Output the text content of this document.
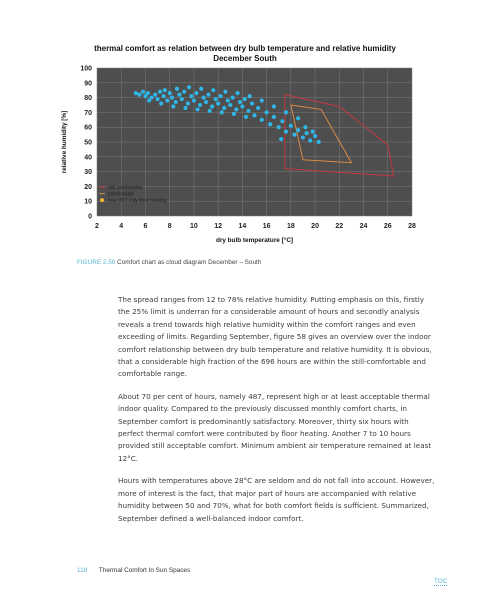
thermal comfort as relation between dry bulb temperature and relative humidity
December South
0
10
20
30
40
50
60
70
80
90
100
2	4	6	8	10 12 14 16 18 20 22 24 26 28
dry bulb temperature [°C]
relative humidity [%]
still comfortable
comfortable
Iras r307 City floor heating
FIGURE 2.50 Comfort chart as cloud diagram December – South

The spread ranges from 12 to 78% relative humidity. Putting emphasis on this, firstly the 25% limit is underran for a considerable amount of hours and secondly analysis reveals a trend towards high relative humidity within the comfort ranges and even exceeding of limits. Regarding September, figure 58 gives an overview over the indoor comfort relationship between dry bulb temperature and relative humidity. It is obvious, that a considerable high fraction of the 696 hours are within the still-comfortable and comfortable range.

About 70 per cent of hours, namely 487, represent high or at least acceptable thermal indoor quality. Compared to the previously discussed monthly comfort charts, in September comfort is predominantly satisfactory. Moreover, thirty six hours with perfect thermal comfort were contributed by floor heating. Another 7 to 10 hours provided still acceptable comfort. Minimum ambient air temperature remained at least 12°C.

Hours with temperatures above 28°C are seldom and do not fall into account. However, more of interest is the fact, that major part of hours are accompanied with relative humidity between 50 and 70%, what for both comfort fields is sufficient. Summarized, September defined a well-balanced indoor comfort.

118 Thermal Comfort In Sun Spaces
TOC
